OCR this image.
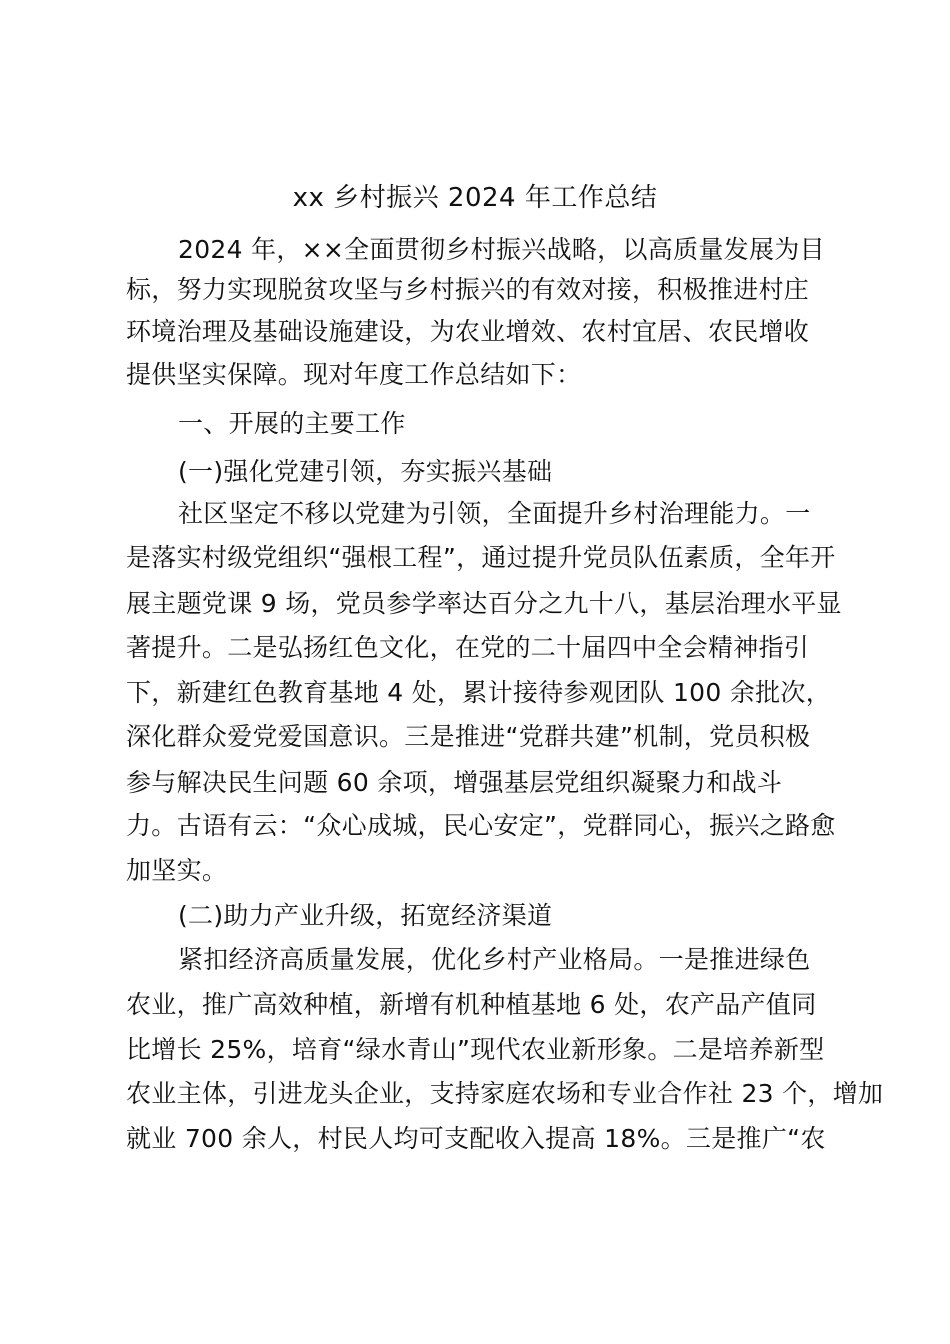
xx 乡村振兴 2024 年工作总结
2024 年，××全面贯彻乡村振兴战略，以高质量发展为目
标，努力实现脱贫攻坚与乡村振兴的有效对接，积极推进村庄
环境治理及基础设施建设，为农业增效、农村宜居、农民增收
提供坚实保障。现对年度工作总结如下：
一、开展的主要工作
(一)强化党建引领，夯实振兴基础
社区坚定不移以党建为引领，全面提升乡村治理能力。一
是落实村级党组织“强根工程”，通过提升党员队伍素质，全年开
展主题党课 9 场，党员参学率达百分之九十八，基层治理水平显
著提升。二是弘扬红色文化，在党的二十届四中全会精神指引
下，新建红色教育基地 4 处，累计接待参观团队 100 余批次，
深化群众爱党爱国意识。三是推进“党群共建”机制，党员积极
参与解决民生问题 60 余项，增强基层党组织凝聚力和战斗
力。古语有云：“众心成城，民心安定”，党群同心，振兴之路愈
加坚实。
(二)助力产业升级，拓宽经济渠道
紧扣经济高质量发展，优化乡村产业格局。一是推进绿色
农业，推广高效种植，新增有机种植基地 6 处，农产品产值同
比增长 25%，培育“绿水青山”现代农业新形象。二是培养新型
农业主体，引进龙头企业，支持家庭农场和专业合作社 23 个，增加
就业 700 余人，村民人均可支配收入提高 18%。三是推广“农
